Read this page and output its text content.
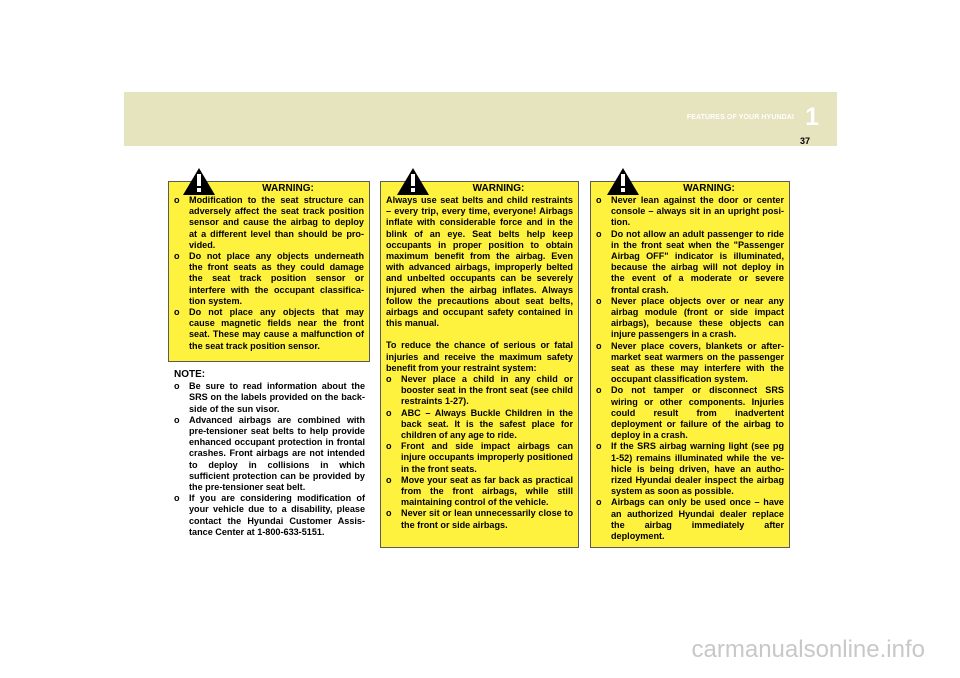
1
FEATURES OF YOUR HYUNDAI
37
WARNING:
o Modification to the seat structure can adversely affect the seat track position sensor and cause the airbag to deploy at a different level than should be pro-vided.
o Do not place any objects underneath the front seats as they could damage the seat track position sensor or interfere with the occupant classifica-tion system.
o Do not place any objects that may cause magnetic fields near the front seat. These may cause a malfunction of the seat track position sensor.
NOTE:
o Be sure to read information about the SRS on the labels provided on the back-side of the sun visor.
o Advanced airbags are combined with pre-tensioner seat belts to help provide enhanced occupant protection in frontal crashes. Front airbags are not intended to deploy in collisions in which sufficient protection can be provided by the pre-tensioner seat belt.
o If you are considering modification of your vehicle due to a disability, please contact the Hyundai Customer Assis-tance Center at 1-800-633-5151.
WARNING:
Always use seat belts and child restraints – every trip, every time, everyone! Airbags inflate with considerable force and in the blink of an eye. Seat belts help keep occupants in proper position to obtain maximum benefit from the airbag. Even with advanced airbags, improperly belted and unbelted occupants can be severely injured when the airbag inflates. Always follow the precautions about seat belts, airbags and occupant safety contained in this manual.
To reduce the chance of serious or fatal injuries and receive the maximum safety benefit from your restraint system:
o Never place a child in any child or booster seat in the front seat (see child restraints 1-27).
o ABC – Always Buckle Children in the back seat. It is the safest place for children of any age to ride.
o Front and side impact airbags can injure occupants improperly positioned in the front seats.
o Move your seat as far back as practical from the front airbags, while still maintaining control of the vehicle.
o Never sit or lean unnecessarily close to the front or side airbags.
WARNING:
o Never lean against the door or center console – always sit in an upright posi-tion.
o Do not allow an adult passenger to ride in the front seat when the "Passenger Airbag OFF" indicator is illuminated, because the airbag will not deploy in the event of a moderate or severe frontal crash.
o Never place objects over or near any airbag module (front or side impact airbags), because these objects can injure passengers in a crash.
o Never place covers, blankets or after-market seat warmers on the passenger seat as these may interfere with the occupant classification system.
o Do not tamper or disconnect SRS wiring or other components. Injuries could result from inadvertent deployment or failure of the airbag to deploy in a crash.
o If the SRS airbag warning light (see pg 1-52) remains illuminated while the ve-hicle is being driven, have an autho-rized Hyundai dealer inspect the airbag system as soon as possible.
o Airbags can only be used once – have an authorized Hyundai dealer replace the airbag immediately after deployment.
carmanualsonline.info
